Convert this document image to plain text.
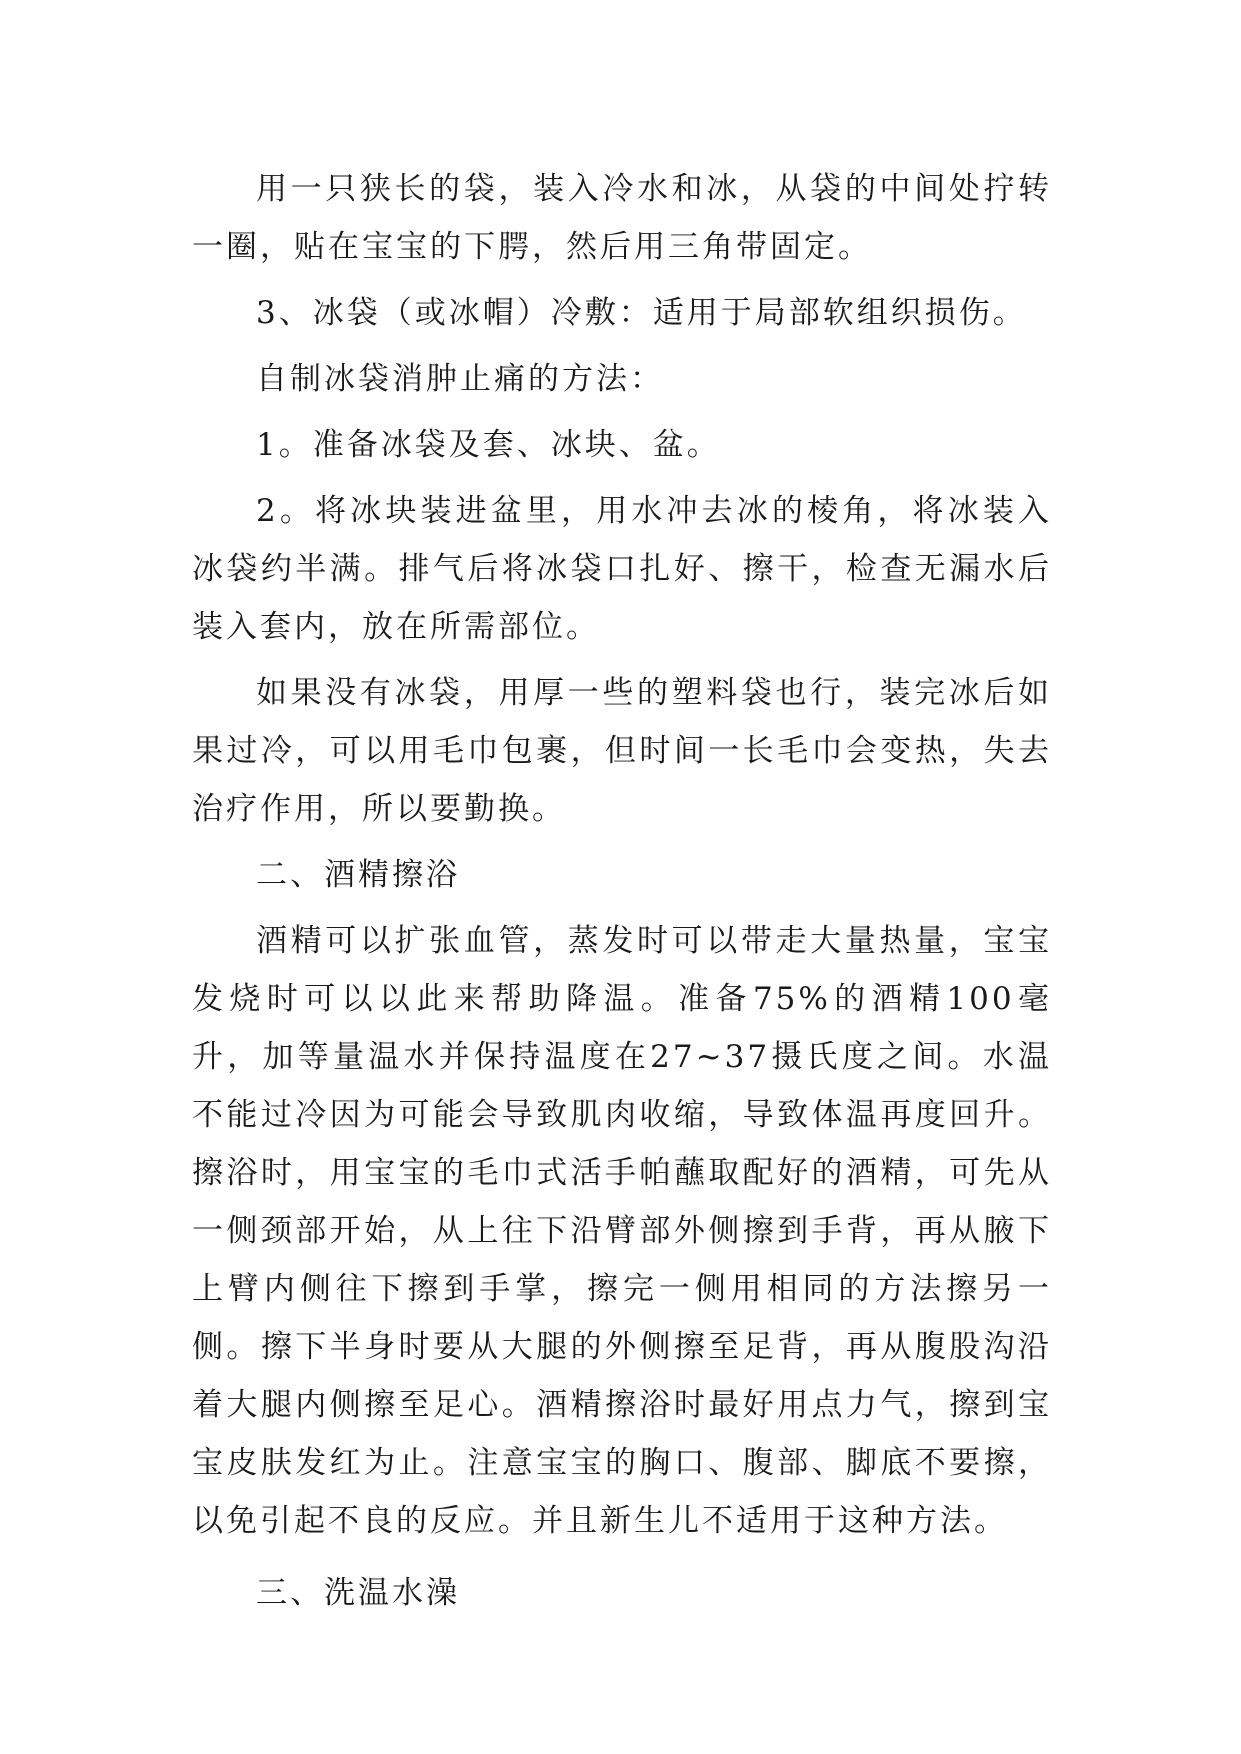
用一只狭长的袋，装入冷水和冰，从袋的中间处拧转一圈，贴在宝宝的下腭，然后用三角带固定。

3、冰袋（或冰帽）冷敷：适用于局部软组织损伤。

自制冰袋消肿止痛的方法：

1。准备冰袋及套、冰块、盆。

2。将冰块装进盆里，用水冲去冰的棱角，将冰装入冰袋约半满。排气后将冰袋口扎好、擦干，检查无漏水后装入套内，放在所需部位。

如果没有冰袋，用厚一些的塑料袋也行，装完冰后如果过冷，可以用毛巾包裹，但时间一长毛巾会变热，失去治疗作用，所以要勤换。

二、酒精擦浴

酒精可以扩张血管，蒸发时可以带走大量热量，宝宝发烧时可以以此来帮助降温。准备75%的酒精100毫升，加等量温水并保持温度在27~37摄氏度之间。水温不能过冷因为可能会导致肌肉收缩，导致体温再度回升。擦浴时，用宝宝的毛巾式活手帕蘸取配好的酒精，可先从一侧颈部开始，从上往下沿臂部外侧擦到手背，再从腋下上臂内侧往下擦到手掌，擦完一侧用相同的方法擦另一侧。擦下半身时要从大腿的外侧擦至足背，再从腹股沟沿着大腿内侧擦至足心。酒精擦浴时最好用点力气，擦到宝宝皮肤发红为止。注意宝宝的胸口、腹部、脚底不要擦，以免引起不良的反应。并且新生儿不适用于这种方法。

三、洗温水澡
